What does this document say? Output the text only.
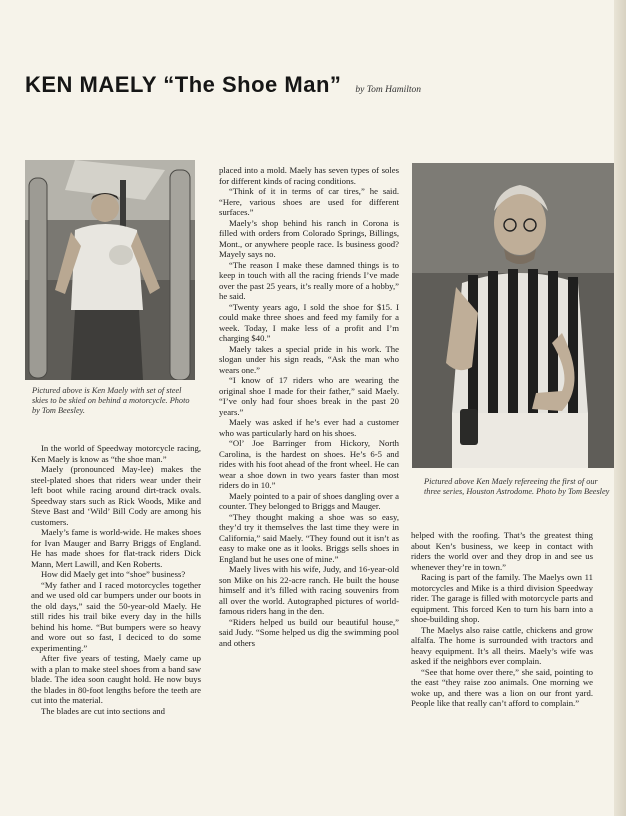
KEN MAELY “The Shoe Man” by Tom Hamilton
Pictured above is Ken Maely with set of steel skies to be skied on behind a motorcycle. Photo by Tom Beesley.
Pictured above Ken Maely refereeing the first of our three series, Houston Astrodome. Photo by Tom Beesley

In the world of Speedway motorcycle racing, Ken Maely is know as “the shoe man.”

Maely (pronounced May-lee) makes the steel-plated shoes that riders wear under their left boot while racing around dirt-track ovals. Speedway stars such as Rick Woods, Mike and Steve Bast and ‘Wild’ Bill Cody are among his customers.

Maely’s fame is world-wide. He makes shoes for Ivan Mauger and Barry Briggs of England. He has made shoes for flat-track riders Dick Mann, Mert Lawill, and Ken Roberts.

How did Maely get into “shoe” business?

“My father and I raced motorcycles together and we used old car bumpers under our boots in the old days,” said the 50-year-old Maely. He still rides his trail bike every day in the hills behind his home. “But bumpers were so heavy and wore out so fast, I deciced to do some experimenting.”

After five years of testing, Maely came up with a plan to make steel shoes from a band saw blade. The idea soon caught hold. He now buys the blades in 80-foot lengths before the teeth are cut into the material.

The blades are cut into sections and

placed into a mold. Maely has seven types of soles for different kinds of racing conditions.

“Think of it in terms of car tires,” he said. “Here, various shoes are used for different surfaces.”

Maely’s shop behind his ranch in Corona is filled with orders from Colorado Springs, Billings, Mont., or anywhere people race. Is business good? Mayely says no.

“The reason I make these damned things is to keep in touch with all the racing friends I’ve made over the past 25 years, it’s really more of a hobby,” he said.

“Twenty years ago, I sold the shoe for $15. I could make three shoes and feed my family for a week. Today, I make less of a profit and I’m charging $40.”

Maely takes a special pride in his work. The slogan under his sign reads, “Ask the man who wears one.”

“I know of 17 riders who are wearing the original shoe I made for their father,” said Maely. “I’ve only had four shoes break in the past 20 years.”

Maely was asked if he’s ever had a customer who was particularly hard on his shoes.

“Ol’ Joe Barringer from Hickory, North Carolina, is the hardest on shoes. He’s 6-5 and rides with his foot ahead of the front wheel. He can wear a shoe down in two years faster than most riders do in 10.”

Maely pointed to a pair of shoes dangling over a counter. They belonged to Briggs and Mauger.

“They thought making a shoe was so easy, they’d try it themselves the last time they were in California,” said Maely. “They found out it isn’t as easy to make one as it looks. Briggs sells shoes in England but he uses one of mine.”

Maely lives with his wife, Judy, and 16-year-old son Mike on his 22-acre ranch. He built the house himself and it’s filled with racing souvenirs from all over the world. Autographed pictures of world-famous riders hang in the den.

“Riders helped us build our beautiful house,” said Judy. “Some helped us dig the swimming pool and others

helped with the roofing. That’s the greatest thing about Ken’s business, we keep in contact with riders the world over and they drop in and see us whenever they’re in town.”

Racing is part of the family. The Maelys own 11 motorcycles and Mike is a third division Speedway rider. The garage is filled with motorcycle parts and equipment. This forced Ken to turn his barn into a shoe-building shop.

The Maelys also raise cattle, chickens and grow alfalfa. The home is surrounded with tractors and heavy equipment. It’s all theirs. Maely’s wife was asked if the neighbors ever complain.

“See that home over there,” she said, pointing to the east “they raise zoo animals. One morning we woke up, and there was a lion on our front yard. People like that really can’t afford to complain.”
